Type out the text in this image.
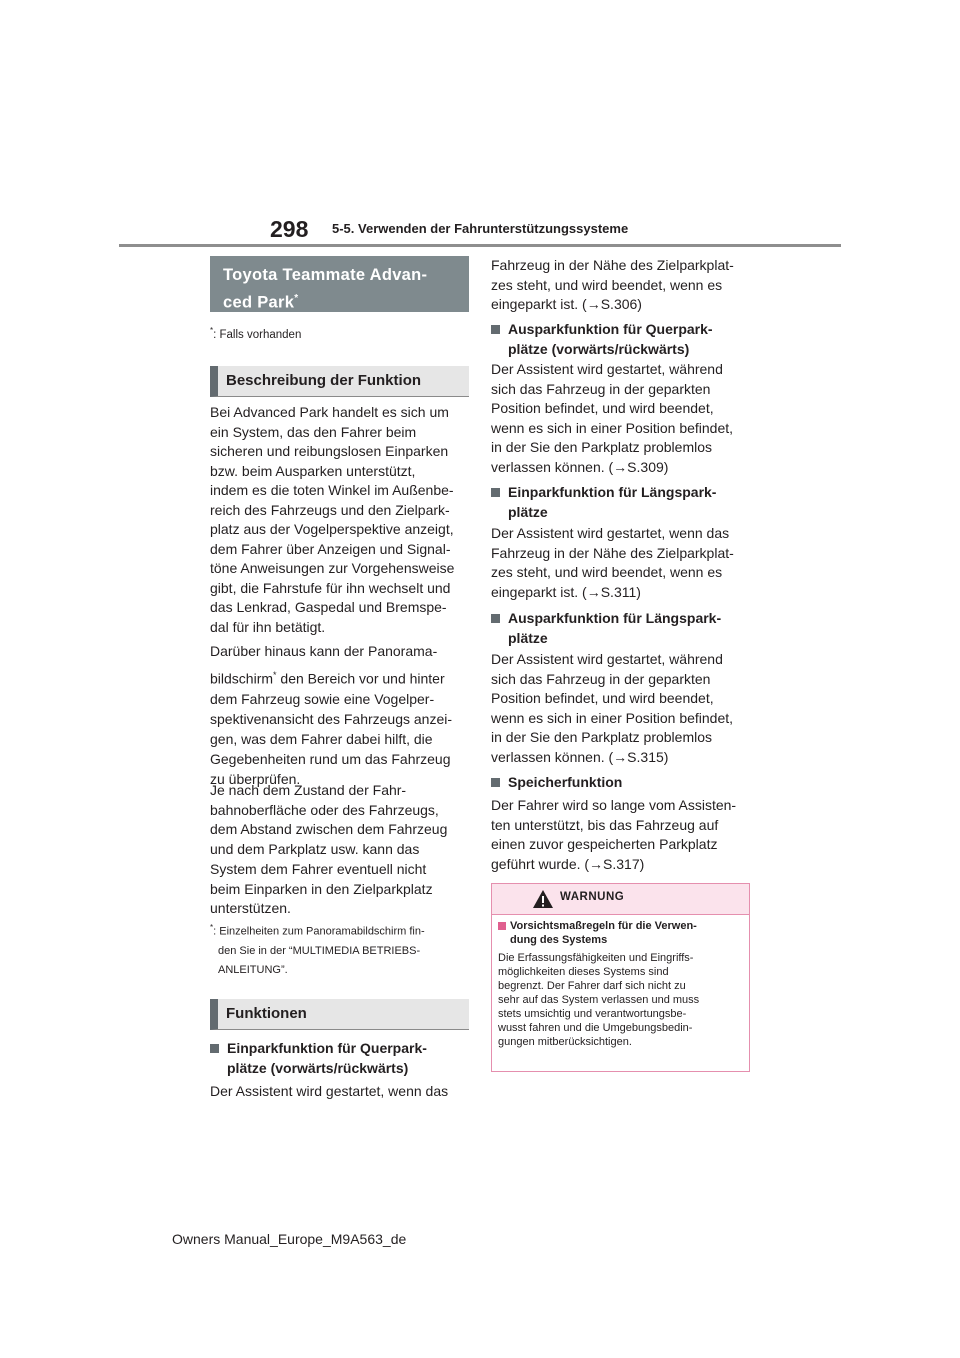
298 5-5. Verwenden der Fahrunterstützungssysteme
Toyota Teammate Advan-
ced Park*
*: Falls vorhanden
Beschreibung der Funktion
Bei Advanced Park handelt es sich um
ein System, das den Fahrer beim
sicheren und reibungslosen Einparken
bzw. beim Ausparken unterstützt,
indem es die toten Winkel im Außenbe-
reich des Fahrzeugs und den Zielpark-
platz aus der Vogelperspektive anzeigt,
dem Fahrer über Anzeigen und Signal-
töne Anweisungen zur Vorgehensweise
gibt, die Fahrstufe für ihn wechselt und
das Lenkrad, Gaspedal und Bremspe-
dal für ihn betätigt.
Darüber hinaus kann der Panorama-
bildschirm* den Bereich vor und hinter
dem Fahrzeug sowie eine Vogelper-
spektivenansicht des Fahrzeugs anzei-
gen, was dem Fahrer dabei hilft, die
Gegebenheiten rund um das Fahrzeug
zu überprüfen.
Je nach dem Zustand der Fahr-
bahnoberfläche oder des Fahrzeugs,
dem Abstand zwischen dem Fahrzeug
und dem Parkplatz usw. kann das
System dem Fahrer eventuell nicht
beim Einparken in den Zielparkplatz
unterstützen.
*: Einzelheiten zum Panoramabildschirm fin-
den Sie in der “MULTIMEDIA BETRIEBS-
ANLEITUNG”.
Funktionen
Einparkfunktion für Querpark-
plätze (vorwärts/rückwärts)
Der Assistent wird gestartet, wenn das
Fahrzeug in der Nähe des Zielparkplat-
zes steht, und wird beendet, wenn es
eingeparkt ist. (→S.306)
Ausparkfunktion für Querpark-
plätze (vorwärts/rückwärts)
Der Assistent wird gestartet, während
sich das Fahrzeug in der geparkten
Position befindet, und wird beendet,
wenn es sich in einer Position befindet,
in der Sie den Parkplatz problemlos
verlassen können. (→S.309)
Einparkfunktion für Längspark-
plätze
Der Assistent wird gestartet, wenn das
Fahrzeug in der Nähe des Zielparkplat-
zes steht, und wird beendet, wenn es
eingeparkt ist. (→S.311)
Ausparkfunktion für Längspark-
plätze
Der Assistent wird gestartet, während
sich das Fahrzeug in der geparkten
Position befindet, und wird beendet,
wenn es sich in einer Position befindet,
in der Sie den Parkplatz problemlos
verlassen können. (→S.315)
Speicherfunktion
Der Fahrer wird so lange vom Assisten-
ten unterstützt, bis das Fahrzeug auf
einen zuvor gespeicherten Parkplatz
geführt wurde. (→S.317)
WARNUNG
Vorsichtsmaßregeln für die Verwen-
dung des Systems
Die Erfassungsfähigkeiten und Eingriffs-
möglichkeiten dieses Systems sind
begrenzt. Der Fahrer darf sich nicht zu
sehr auf das System verlassen und muss
stets umsichtig und verantwortungsbe-
wusst fahren und die Umgebungsbedin-
gungen mitberücksichtigen.
Owners Manual_Europe_M9A563_de
